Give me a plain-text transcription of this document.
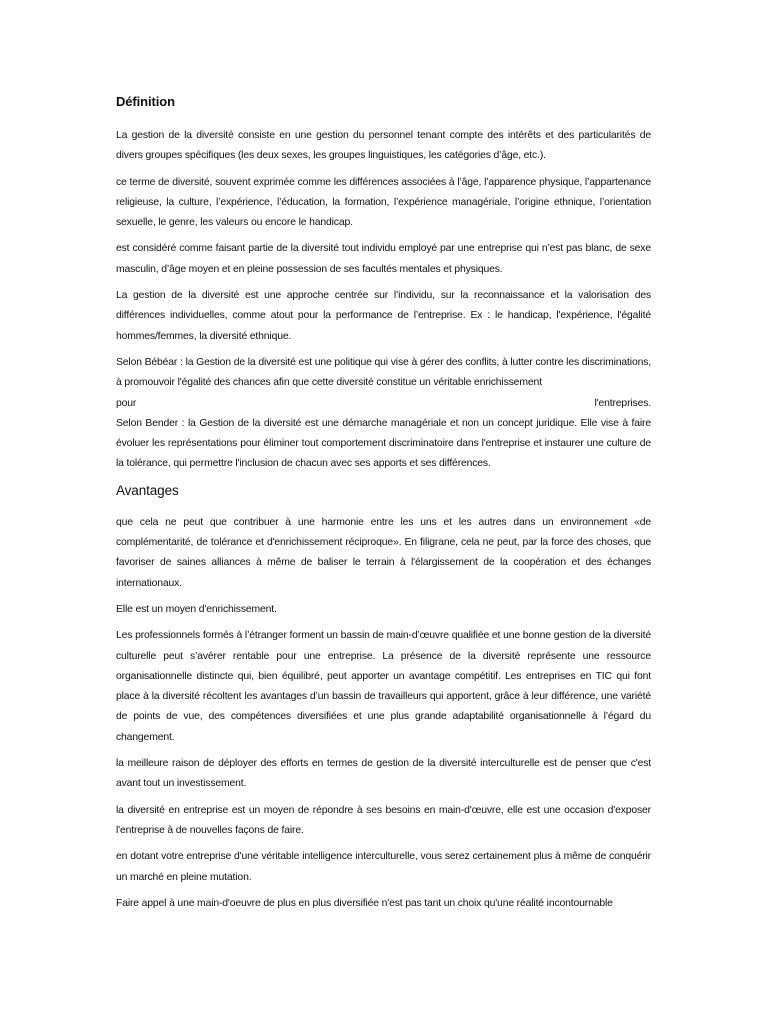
Définition

La gestion de la diversité consiste en une gestion du personnel tenant compte des intérêts et des particularités de divers groupes spécifiques (les deux sexes, les groupes linguistiques, les catégories d’âge, etc.).

ce terme de diversité, souvent exprimée comme les différences associées à l’âge, l’apparence physique, l’appartenance religieuse, la culture, l’expérience, l’éducation, la formation, l’expérience managériale, l’origine ethnique, l’orientation sexuelle, le genre, les valeurs ou encore le handicap.

est considéré comme faisant partie de la diversité tout individu employé par une entreprise qui n’est pas blanc, de sexe masculin, d’âge moyen et en pleine possession de ses facultés mentales et physiques.

La gestion de la diversité est une approche centrée sur l’individu, sur la reconnaissance et la valorisation des différences individuelles, comme atout pour la performance de l’entreprise. Ex : le handicap, l'expérience, l'égalité hommes/femmes, la diversité ethnique.

Selon Bébéar : la Gestion de la diversité est une politique qui vise à gérer des conflits, à lutter contre les discriminations, à promouvoir l'égalité des chances afin que cette diversité constitue un véritable enrichissement

pour l'entreprises.

Selon Bender : la Gestion de la diversité est une démarche managériale et non un concept juridique. Elle vise à faire évoluer les représentations pour éliminer tout comportement discriminatoire dans l'entreprise et instaurer une culture de la tolérance, qui permettre l'inclusion de chacun avec ses apports et ses différences.

Avantages

que cela ne peut que contribuer à une harmonie entre les uns et les autres dans un environnement «de complémentarité, de tolérance et d'enrichissement réciproque». En filigrane, cela ne peut, par la force des choses, que favoriser de saines alliances à même de baliser le terrain à l'élargissement de la coopération et des échanges internationaux.

Elle est un moyen d'enrichissement.

Les professionnels formés à l’étranger forment un bassin de main-d’œuvre qualifiée et une bonne gestion de la diversité culturelle peut s’avérer rentable pour une entreprise. La présence de la diversité représente une ressource organisationnelle distincte qui, bien équilibré, peut apporter un avantage compétitif. Les entreprises en TIC qui font place à la diversité récoltent les avantages d’un bassin de travailleurs qui apportent, grâce à leur différence, une variété de points de vue, des compétences diversifiées et une plus grande adaptabilité organisationnelle à l’égard du changement.

la meilleure raison de déployer des efforts en termes de gestion de la diversité interculturelle est de penser que c'est avant tout un investissement.

la diversité en entreprise est un moyen de répondre à ses besoins en main-d'œuvre, elle est une occasion d'exposer l'entreprise à de nouvelles façons de faire.

en dotant votre entreprise d'une véritable intelligence interculturelle, vous serez certainement plus à même de conquérir un marché en pleine mutation.

Faire appel à une main-d'oeuvre de plus en plus diversifiée n'est pas tant un choix qu'une réalité incontournable
